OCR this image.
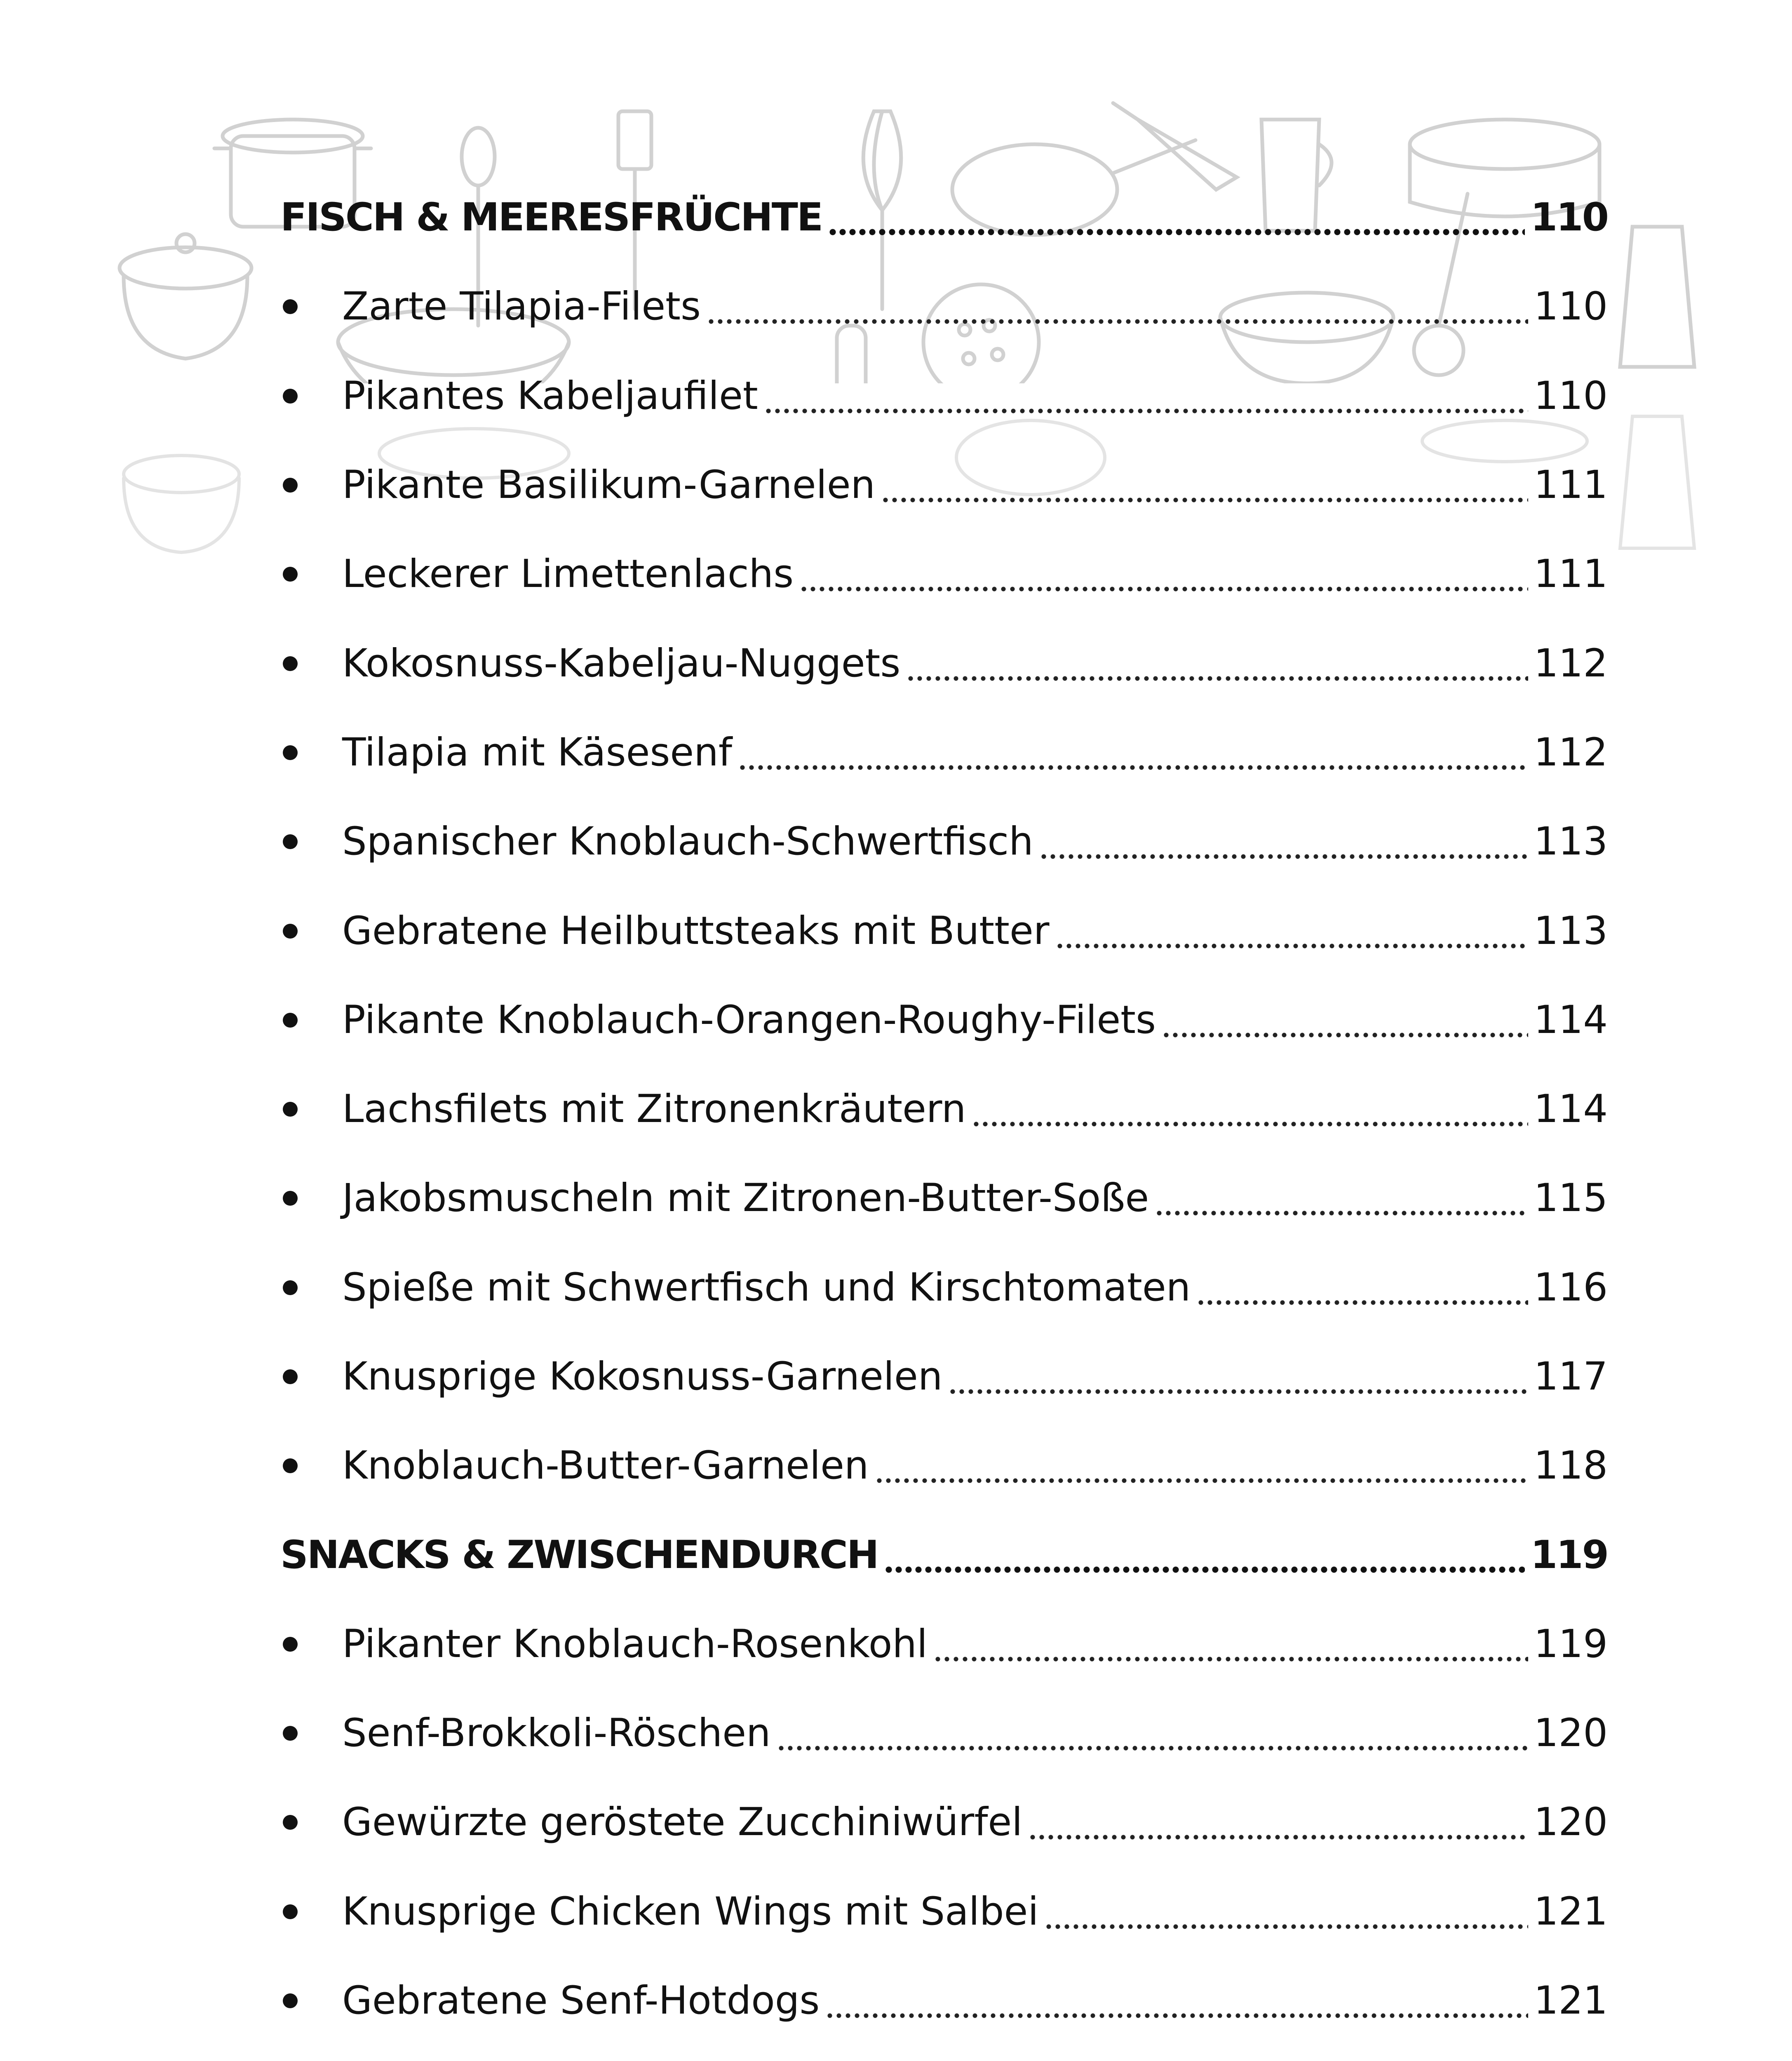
FISCH & MEERESFRÜCHTE	110
Zarte Tilapia-Filets	110
Pikantes Kabeljaufilet	110
Pikante Basilikum-Garnelen	111
Leckerer Limettenlachs	111
Kokosnuss-Kabeljau-Nuggets	112
Tilapia mit Käsesenf	112
Spanischer Knoblauch-Schwertfisch	113
Gebratene Heilbuttsteaks mit Butter	113
Pikante Knoblauch-Orangen-Roughy-Filets	114
Lachsfilets mit Zitronenkräutern	114
Jakobsmuscheln mit Zitronen-Butter-Soße	115
Spieße mit Schwertfisch und Kirschtomaten	116
Knusprige Kokosnuss-Garnelen	117
Knoblauch-Butter-Garnelen	118
SNACKS & ZWISCHENDURCH	119
Pikanter Knoblauch-Rosenkohl	119
Senf-Brokkoli-Röschen	120
Gewürzte geröstete Zucchiniwürfel	120
Knusprige Chicken Wings mit Salbei	121
Gebratene Senf-Hotdogs	121
